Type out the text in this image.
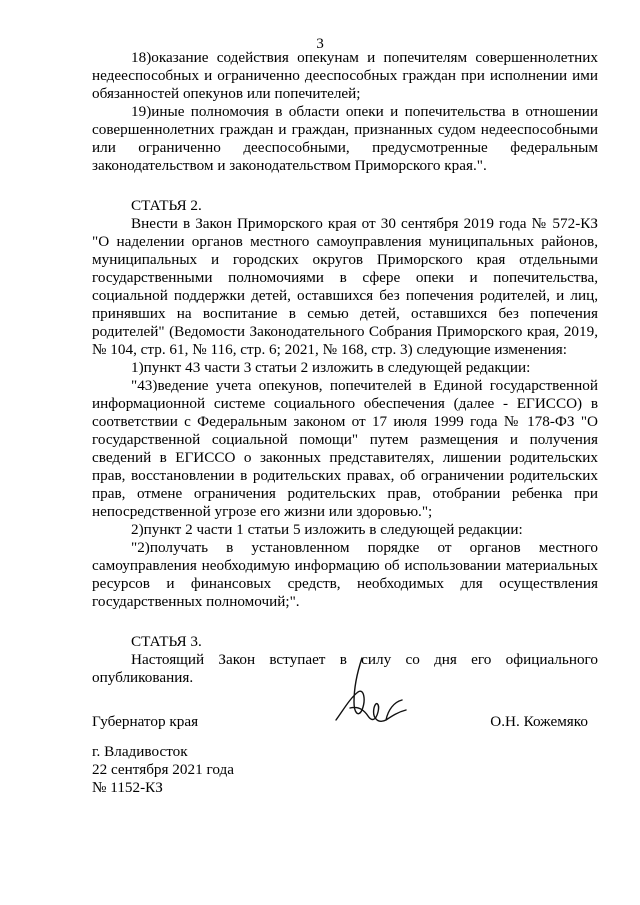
3

18)оказание содействия опекунам и попечителям совершеннолетних недееспособных и ограниченно дееспособных граждан при исполнении ими обязанностей опекунов или попечителей;

19)иные полномочия в области опеки и попечительства в отношении совершеннолетних граждан и граждан, признанных судом недееспособными или ограниченно дееспособными, предусмотренные федеральным законодательством и законодательством Приморского края.".

СТАТЬЯ 2.

Внести в Закон Приморского края от 30 сентября 2019 года № 572-КЗ "О наделении органов местного самоуправления муниципальных районов, муниципальных и городских округов Приморского края отдельными государственными полномочиями в сфере опеки и попечительства, социальной поддержки детей, оставшихся без попечения родителей, и лиц, принявших на воспитание в семью детей, оставшихся без попечения родителей" (Ведомости Законодательного Собрания Приморского края, 2019, № 104, стр. 61, № 116, стр. 6; 2021, № 168, стр. 3) следующие изменения:

1)пункт 43 части 3 статьи 2 изложить в следующей редакции:

"43)ведение учета опекунов, попечителей в Единой государственной информационной системе социального обеспечения (далее - ЕГИССО) в соответствии с Федеральным законом от 17 июля 1999 года № 178-ФЗ "О государственной социальной помощи" путем размещения и получения сведений в ЕГИССО о законных представителях, лишении родительских прав, восстановлении в родительских правах, об ограничении родительских прав, отмене ограничения родительских прав, отобрании ребенка при непосредственной угрозе его жизни или здоровью.";

2)пункт 2 части 1 статьи 5 изложить в следующей редакции:

"2)получать в установленном порядке от органов местного самоуправления необходимую информацию об использовании материальных ресурсов и финансовых средств, необходимых для осуществления государственных полномочий;".

СТАТЬЯ 3.

Настоящий Закон вступает в силу со дня его официального опубликования.

Губернатор края	О.Н. Кожемяко
г. Владивосток
22 сентября 2021 года
№ 1152-КЗ
